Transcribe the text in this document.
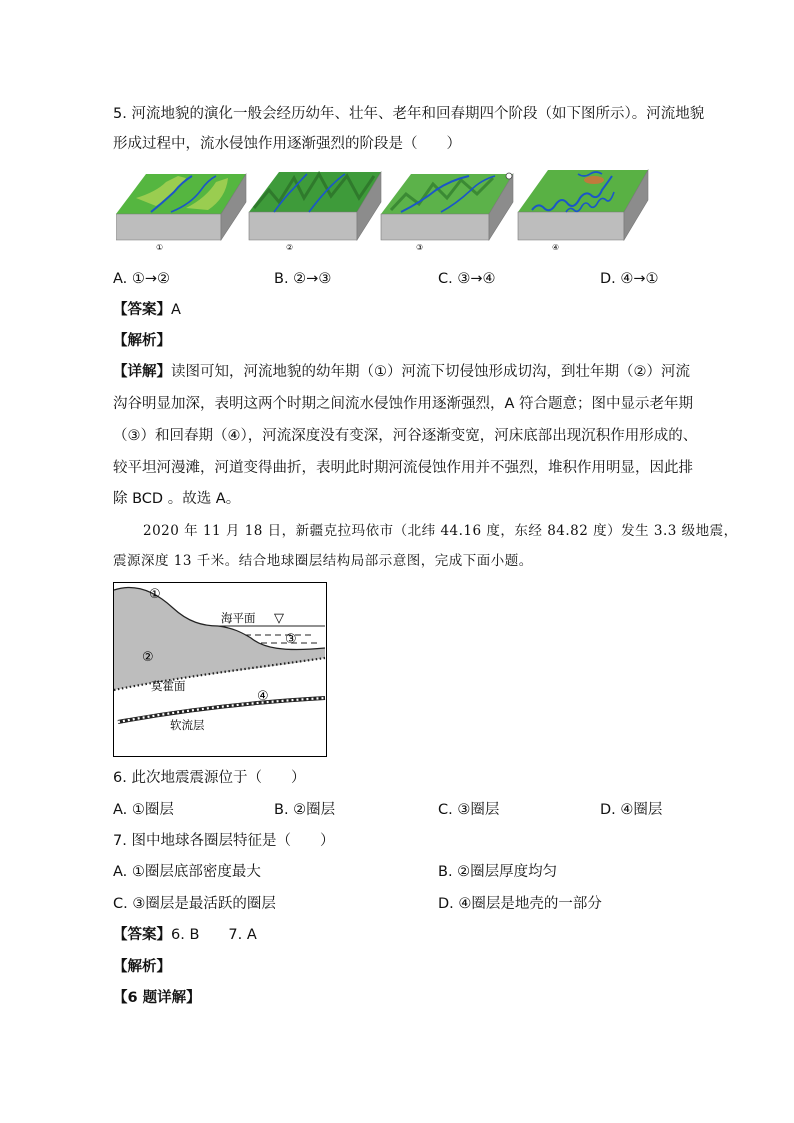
5. 河流地貌的演化一般会经历幼年、壮年、老年和回春期四个阶段（如下图所示）。河流地貌
形成过程中，流水侵蚀作用逐渐强烈的阶段是（　　）
①	②	③	④
A. ①→②	B. ②→③	C. ③→④	D. ④→①
【答案】A
【解析】
【详解】读图可知，河流地貌的幼年期（①）河流下切侵蚀形成切沟，到壮年期（②）河流
沟谷明显加深，表明这两个时期之间流水侵蚀作用逐渐强烈，A 符合题意；图中显示老年期
（③）和回春期（④），河流深度没有变深，河谷逐渐变宽，河床底部出现沉积作用形成的、
较平坦河漫滩，河道变得曲折，表明此时期河流侵蚀作用并不强烈，堆积作用明显，因此排
除 BCD 。故选 A。
2020 年 11 月 18 日，新疆克拉玛依市（北纬 44.16 度，东经 84.82 度）发生 3.3 级地震，
震源深度 13 千米。结合地球圈层结构局部示意图，完成下面小题。
①
海平面 ▽
③
②
莫霍面
④
软流层
6. 此次地震震源位于（　　）
A. ①圈层	B. ②圈层	C. ③圈层	D. ④圈层
7. 图中地球各圈层特征是（　　）
A. ①圈层底部密度最大	B. ②圈层厚度均匀
C. ③圈层是最活跃的圈层	D. ④圈层是地壳的一部分
【答案】6. B　　7. A
【解析】
【6 题详解】
